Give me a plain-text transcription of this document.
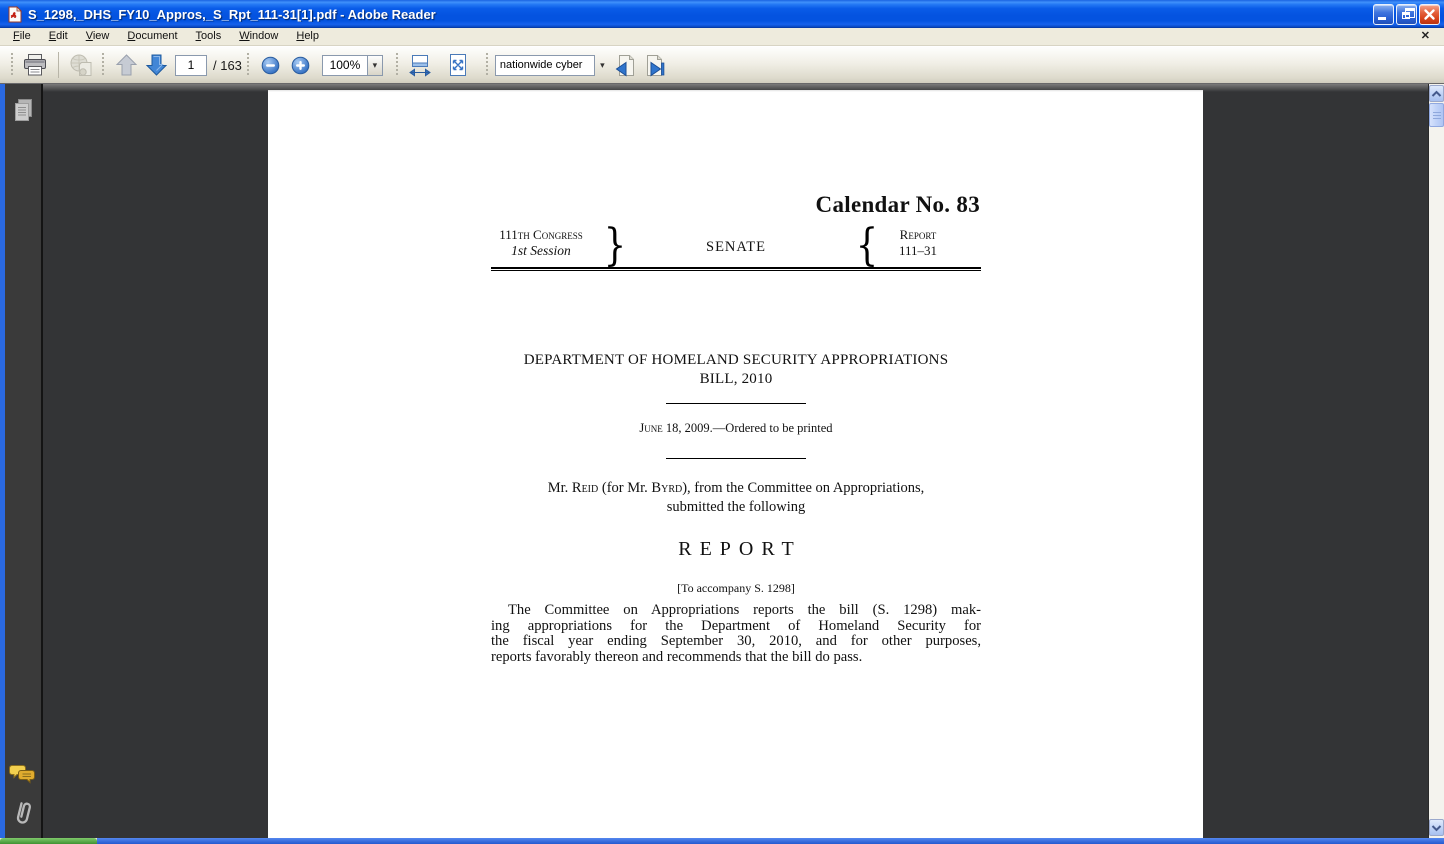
S_1298,_DHS_FY10_Appros,_S_Rpt_111-31[1].pdf - Adobe Reader
File	Edit	View	Document	Tools	Window	Help	✕
1
/ 163
100%	▾
nationwide cyber	▾
Calendar No. 83
111th Congress
1st Session }	SENATE	{	Report
111–31
DEPARTMENT OF HOMELAND SECURITY APPROPRIATIONS
BILL, 2010
June 18, 2009.—Ordered to be printed
Mr. Reid (for Mr. Byrd), from the Committee on Appropriations,
submitted the following
REPORT
[To accompany S. 1298]
The Committee on Appropriations reports the bill (S. 1298) mak-
ing appropriations for the Department of Homeland Security for
the fiscal year ending September 30, 2010, and for other purposes,
reports favorably thereon and recommends that the bill do pass.
